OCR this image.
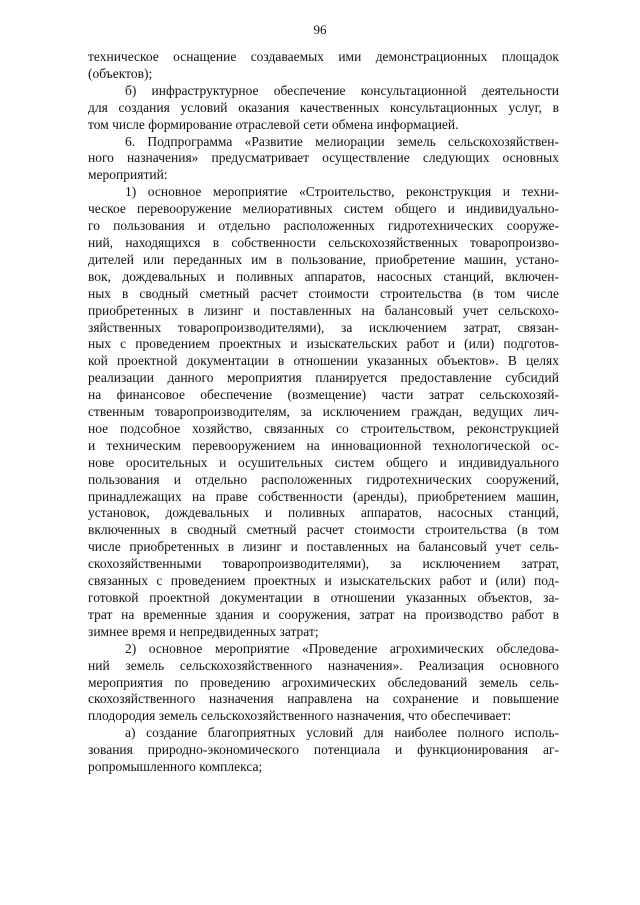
96
техническое оснащение создаваемых ими демонстрационных площадок
(объектов);
б) инфраструктурное обеспечение консультационной деятельности
для создания условий оказания качественных консультационных услуг, в
том числе формирование отраслевой сети обмена информацией.
6. Подпрограмма «Развитие мелиорации земель сельскохозяйствен-
ного назначения» предусматривает осуществление следующих основных
мероприятий:
1) основное мероприятие «Строительство, реконструкция и техни-
ческое перевооружение мелиоративных систем общего и индивидуально-
го пользования и отдельно расположенных гидротехнических сооруже-
ний, находящихся в собственности сельскохозяйственных товаропроизво-
дителей или переданных им в пользование, приобретение машин, устано-
вок, дождевальных и поливных аппаратов, насосных станций, включен-
ных в сводный сметный расчет стоимости строительства (в том числе
приобретенных в лизинг и поставленных на балансовый учет сельскохо-
зяйственных товаропроизводителями), за исключением затрат, связан-
ных с проведением проектных и изыскательских работ и (или) подготов-
кой проектной документации в отношении указанных объектов». В целях
реализации данного мероприятия планируется предоставление субсидий
на финансовое обеспечение (возмещение) части затрат сельскохозяй-
ственным товаропроизводителям, за исключением граждан, ведущих лич-
ное подсобное хозяйство, связанных со строительством, реконструкцией
и техническим перевооружением на инновационной технологической ос-
нове оросительных и осушительных систем общего и индивидуального
пользования и отдельно расположенных гидротехнических сооружений,
принадлежащих на праве собственности (аренды), приобретением машин,
установок, дождевальных и поливных аппаратов, насосных станций,
включенных в сводный сметный расчет стоимости строительства (в том
числе приобретенных в лизинг и поставленных на балансовый учет сель-
скохозяйственными товаропроизводителями), за исключением затрат,
связанных с проведением проектных и изыскательских работ и (или) под-
готовкой проектной документации в отношении указанных объектов, за-
трат на временные здания и сооружения, затрат на производство работ в
зимнее время и непредвиденных затрат;
2) основное мероприятие «Проведение агрохимических обследова-
ний земель сельскохозяйственного назначения». Реализация основного
мероприятия по проведению агрохимических обследований земель сель-
скохозяйственного назначения направлена на сохранение и повышение
плодородия земель сельскохозяйственного назначения, что обеспечивает:
а) создание благоприятных условий для наиболее полного исполь-
зования природно-экономического потенциала и функционирования аг-
ропромышленного комплекса;
